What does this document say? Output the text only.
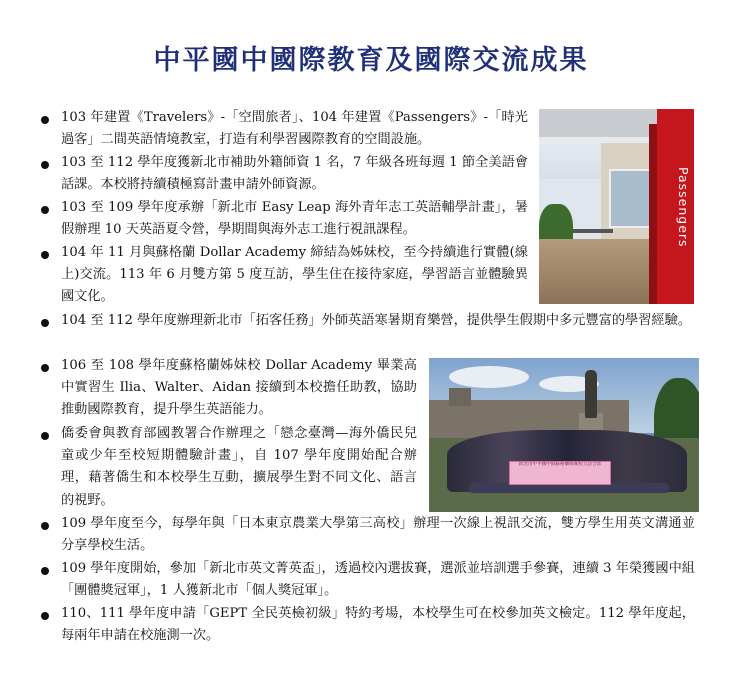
中平國中國際教育及國際交流成果
Passengers
新北市中平國中與蘇格蘭姊妹校互訪合影
103 年建置《Travelers》-「空間旅者」、104 年建置《Passengers》-「時光過客」二間英語情境教室，打造有利學習國際教育的空間設施。
103 至 112 學年度獲新北市補助外籍師資 1 名，7 年級各班每週 1 節全美語會話課。本校將持續積極寫計畫申請外師資源。
103 至 109 學年度承辦「新北市 Easy Leap 海外青年志工英語輔學計畫」，暑假辦理 10 天英語夏令營，學期間與海外志工進行視訊課程。
104 年 11 月與蘇格蘭 Dollar Academy 締結為姊妹校，至今持續進行實體(線上)交流。113 年 6 月雙方第 5 度互訪，學生住在接待家庭，學習語言並體驗異國文化。
104 至 112 學年度辦理新北市「拓客任務」外師英語寒暑期育樂營，提供學生假期中多元豐富的學習經驗。
106 至 108 學年度蘇格蘭姊妹校 Dollar Academy 畢業高中實習生 Ilia、Walter、Aidan 接續到本校擔任助教，協助推動國際教育，提升學生英語能力。
僑委會與教育部國教署合作辦理之「戀念臺灣—海外僑民兒童或少年至校短期體驗計畫」，自 107 學年度開始配合辦理，藉著僑生和本校學生互動，擴展學生對不同文化、語言的視野。
109 學年度至今，每學年與「日本東京農業大學第三高校」辦理一次線上視訊交流，雙方學生用英文溝通並分享學校生活。
109 學年度開始，參加「新北市英文菁英盃」，透過校內選拔賽，選派並培訓選手參賽，連續 3 年榮獲國中組「團體獎冠軍」，1 人獲新北市「個人獎冠軍」。
110、111 學年度申請「GEPT 全民英檢初級」特約考場，本校學生可在校參加英文檢定。112 學年度起，每兩年申請在校施測一次。
